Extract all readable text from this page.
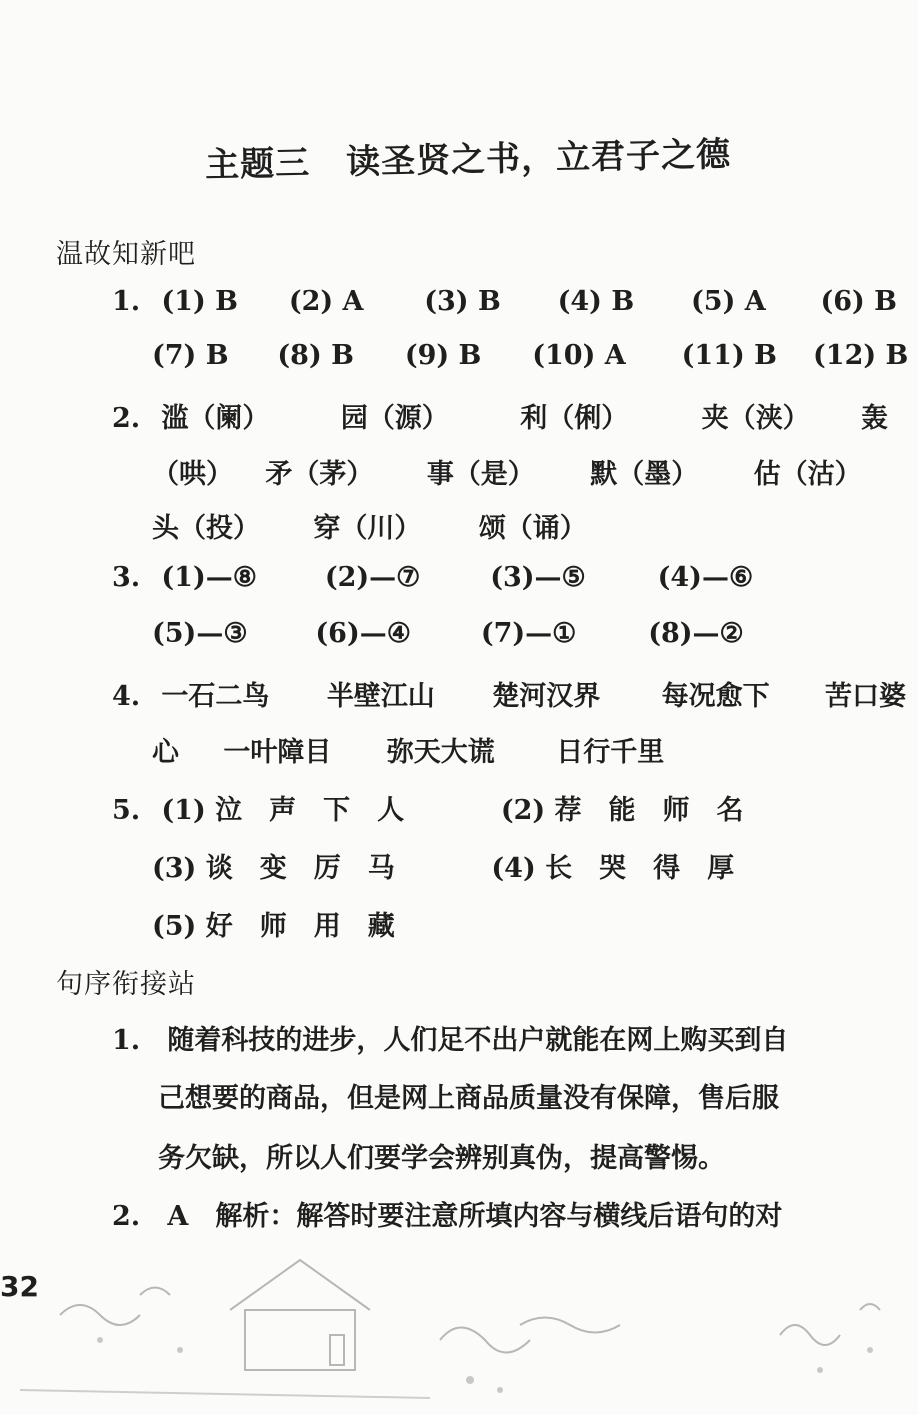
主题三 读圣贤之书，立君子之德
温故知新吧
1. (1) B (2) A (3) B (4) B (5) A (6) B
(7) B (8) B (9) B (10) A (11) B (12) B
2. 滥（阑）	园（源）	利（俐）	夹（浃） 轰
（哄） 矛（茅） 事（是） 默（墨） 估（沽）
头（投） 穿（川） 颂（诵）
3. (1)—⑧	(2)—⑦	(3)—⑤	(4)—⑥
(5)—③	(6)—④	(7)—①	(8)—②
4. 一石二鸟 半壁江山 楚河汉界 每况愈下 苦口婆
心 一叶障目 弥天大谎 日行千里
5. (1) 泣　声　下　人	(2) 荐　能　师　名
(3) 谈　变　厉　马	(4) 长　哭　得　厚
(5) 好　师　用　藏
句序衔接站
1. 随着科技的进步，人们足不出户就能在网上购买到自
己想要的商品，但是网上商品质量没有保障，售后服
务欠缺，所以人们要学会辨别真伪，提高警惕。
2. A　解析：解答时要注意所填内容与横线后语句的对
32
